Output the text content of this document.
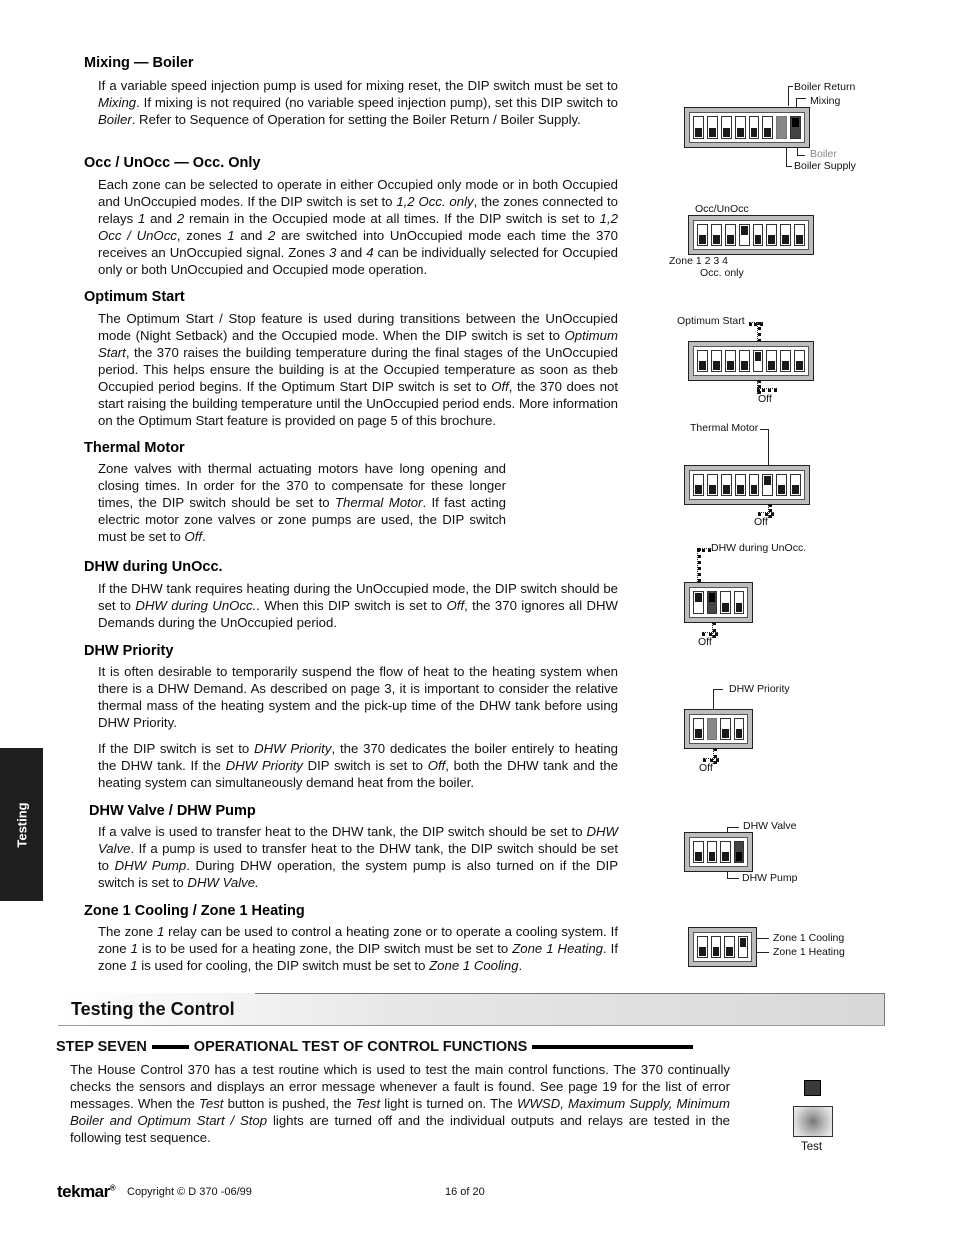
Mixing — Boiler

If a variable speed injection pump is used for mixing reset, the DIP switch must be set to Mixing. If mixing is not required (no variable speed injection pump), set this DIP switch to Boiler. Refer to Sequence of Operation for setting the Boiler Return / Boiler Supply.

Occ / UnOcc — Occ. Only

Each zone can be selected to operate in either Occupied only mode or in both Occupied and UnOccupied modes. If the DIP switch is set to 1,2 Occ. only, the zones connected to relays 1 and 2 remain in the Occupied mode at all times. If the DIP switch is set to 1,2 Occ / UnOcc, zones 1 and 2 are switched into UnOccupied mode each time the 370 receives an UnOccupied signal. Zones 3 and 4 can be individually selected for Occupied only or both UnOccupied and Occupied mode operation.

Optimum Start

The Optimum Start / Stop feature is used during transitions between the UnOccupied mode (Night Setback) and the Occupied mode. When the DIP switch is set to Optimum Start, the 370 raises the building temperature during the final stages of the UnOccupied period. This helps ensure the building is at the Occupied temperature as soon as theb Occupied period begins. If the Optimum Start DIP switch is set to Off, the 370 does not start raising the building temperature until the UnOccupied period ends. More information on the Optimum Start feature is provided on page 5 of this brochure.

Thermal Motor

Zone valves with thermal actuating motors have long opening and closing times. In order for the 370 to compensate for these longer times, the DIP switch should be set to Thermal Motor. If fast acting electric motor zone valves or zone pumps are used, the DIP switch must be set to Off.

DHW during UnOcc.

If the DHW tank requires heating during the UnOccupied mode, the DIP switch should be set to DHW during UnOcc.. When this DIP switch is set to Off, the 370 ignores all DHW Demands during the UnOccupied period.

DHW Priority

It is often desirable to temporarily suspend the flow of heat to the heating system when there is a DHW Demand. As described on page 3, it is important to consider the relative thermal mass of the heating system and the pick-up time of the DHW tank before using DHW Priority.

If the DIP switch is set to DHW Priority, the 370 dedicates the boiler entirely to heating the DHW tank. If the DHW Priority DIP switch is set to Off, both the DHW tank and the heating system can simultaneously demand heat from the boiler.

DHW Valve / DHW Pump

If a valve is used to transfer heat to the DHW tank, the DIP switch should be set to DHW Valve. If a pump is used to transfer heat to the DHW tank, the DIP switch should be set to DHW Pump. During DHW operation, the system pump is also turned on if the DIP switch is set to DHW Valve.

Zone 1 Cooling / Zone 1 Heating

The zone 1 relay can be used to control a heating zone or to operate a cooling system. If zone 1 is to be used for a heating zone, the DIP switch must be set to Zone 1 Heating. If zone 1 is used for cooling, the DIP switch must be set to Zone 1 Cooling.

Boiler Return
Mixing
Boiler
Boiler Supply
Occ/UnOcc
Zone 1 2 3 4
Occ. only
Optimum Start
Off
Thermal Motor
Off
DHW during UnOcc.
Off
DHW Priority
Off
DHW Valve
DHW Pump
Zone 1 Cooling
Zone 1 Heating
Testing
Testing the Control
STEP SEVEN	OPERATIONAL TEST OF CONTROL FUNCTIONS

The House Control 370 has a test routine which is used to test the main control functions. The 370 continually checks the sensors and displays an error message whenever a fault is found. See page 19 for the list of error messages. When the Test button is pushed, the Test light is turned on. The WWSD, Maximum Supply, Minimum Boiler and Optimum Start / Stop lights are turned off and the individual outputs and relays are tested in the following test sequence.

Test
tekmar® Copyright © D 370 -06/99	16 of 20
